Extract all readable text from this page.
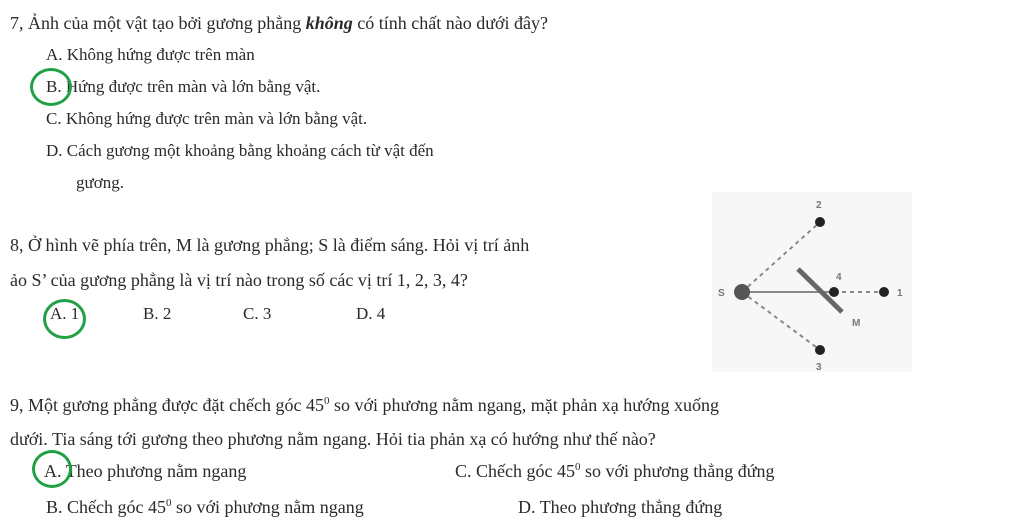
7, Ảnh của một vật tạo bởi gương phẳng không có tính chất nào dưới đây?
A. Không hứng được trên màn
B. Hứng được trên màn và lớn bằng vật.
C. Không hứng được trên màn và lớn bằng vật.
D. Cách gương một khoảng bằng khoảng cách từ vật đến
gương.
8, Ở hình vẽ phía trên, M là gương phẳng; S là điểm sáng. Hỏi vị trí ảnh
ảo S’ của gương phẳng là vị trí nào trong số các vị trí 1, 2, 3, 4?
A. 1	B. 2	C. 3	D. 4
S	1
2
3
4
M
9, Một gương phẳng được đặt chếch góc $45^0$ so với phương nằm ngang, mặt phản xạ hướng xuống
dưới. Tia sáng tới gương theo phương nằm ngang. Hỏi tia phản xạ có hướng như thế nào?
A. Theo phương nằm ngang	C. Chếch góc $45^0$ so với phương thẳng đứng
B. Chếch góc $45^0$ so với phương nằm ngang	D. Theo phương thẳng đứng
